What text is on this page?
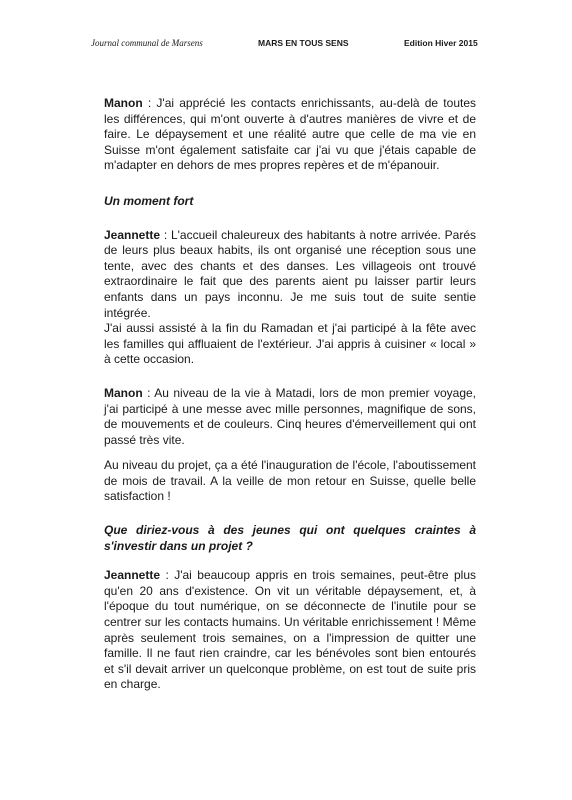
Journal communal de Marsens	MARS EN TOUS SENS	Edition Hiver 2015

Manon : J'ai apprécié les contacts enrichissants, au-delà de toutes les différences, qui m'ont ouverte à d'autres manières de vivre et de faire. Le dépaysement et une réalité autre que celle de ma vie en Suisse m'ont également satisfaite car j'ai vu que j'étais capable de m'adapter en dehors de mes propres repères et de m'épanouir.

Un moment fort

Jeannette : L'accueil chaleureux des habitants à notre arrivée. Parés de leurs plus beaux habits, ils ont organisé une réception sous une tente, avec des chants et des danses. Les villageois ont trouvé extraordinaire le fait que des parents aient pu laisser partir leurs enfants dans un pays inconnu. Je me suis tout de suite sentie intégrée.

J'ai aussi assisté à la fin du Ramadan et j'ai participé à la fête avec les familles qui affluaient de l'extérieur. J'ai appris à cuisiner « local » à cette occasion.

Manon : Au niveau de la vie à Matadi, lors de mon premier voyage, j'ai participé à une messe avec mille personnes, magnifique de sons, de mouvements et de couleurs. Cinq heures d'émerveillement qui ont passé très vite.

Au niveau du projet, ça a été l'inauguration de l'école, l'aboutissement de mois de travail. A la veille de mon retour en Suisse, quelle belle satisfaction !

Que diriez-vous à des jeunes qui ont quelques craintes à s'investir dans un projet ?

Jeannette : J'ai beaucoup appris en trois semaines, peut-être plus qu'en 20 ans d'existence. On vit un véritable dépaysement, et, à l'époque du tout numérique, on se déconnecte de l'inutile pour se centrer sur les contacts humains. Un véritable enrichissement ! Même après seulement trois semaines, on a l'impression de quitter une famille. Il ne faut rien craindre, car les bénévoles sont bien entourés et s'il devait arriver un quelconque problème, on est tout de suite pris en charge.
